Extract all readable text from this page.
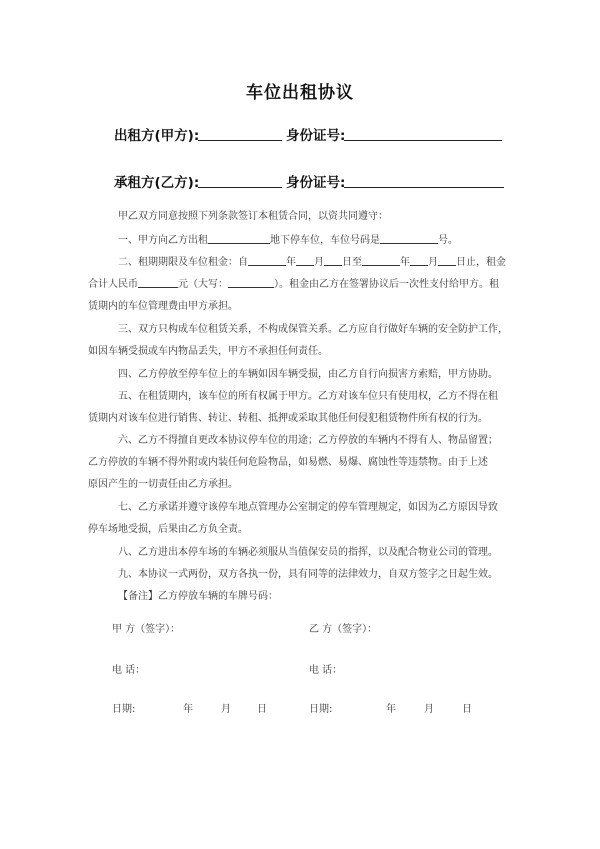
车位出租协议
出租方(甲方):	身份证号:
承租方(乙方):	身份证号:
甲乙双方同意按照下列条款签订本租赁合同，以资共同遵守：
一、甲方向乙方出租	地下停车位，车位号码是	号。
二、租期期限及车位租金：自	年 月 日至	年 月 日止，租金
合计人民币	元（大写：	）。租金由乙方在签署协议后一次性支付给甲方。租
赁期内的车位管理费由甲方承担。
三、双方只构成车位租赁关系，不构成保管关系。乙方应自行做好车辆的安全防护工作，
如因车辆受损或车内物品丢失，甲方不承担任何责任。
四、乙方停放至停车位上的车辆如因车辆受损，由乙方自行向损害方索赔，甲方协助。
五、在租赁期内，该车位的所有权属于甲方。乙方对该车位只有使用权，乙方不得在租
赁期内对该车位进行销售、转让、转租、抵押或采取其他任何侵犯租赁物件所有权的行为。
六、乙方不得擅自更改本协议停车位的用途；乙方停放的车辆内不得有人、物品留置；
乙方停放的车辆不得外附或内装任何危险物品，如易燃、易爆、腐蚀性等违禁物。由于上述
原因产生的一切责任由乙方承担。
七、乙方承诺并遵守该停车地点管理办公室制定的停车管理规定，如因为乙方原因导致
停车场地受损，后果由乙方负全责。
八、乙方进出本停车场的车辆必须服从当值保安员的指挥，以及配合物业公司的管理。
九、本协议一式两份，双方各执一份，具有同等的法律效力，自双方签字之日起生效。
【备注】乙方停放车辆的车牌号码：
甲 方（签字）：	乙 方（签字）：
电 话：	电 话：
日期:	年	月	日	日期:	年	月	日
